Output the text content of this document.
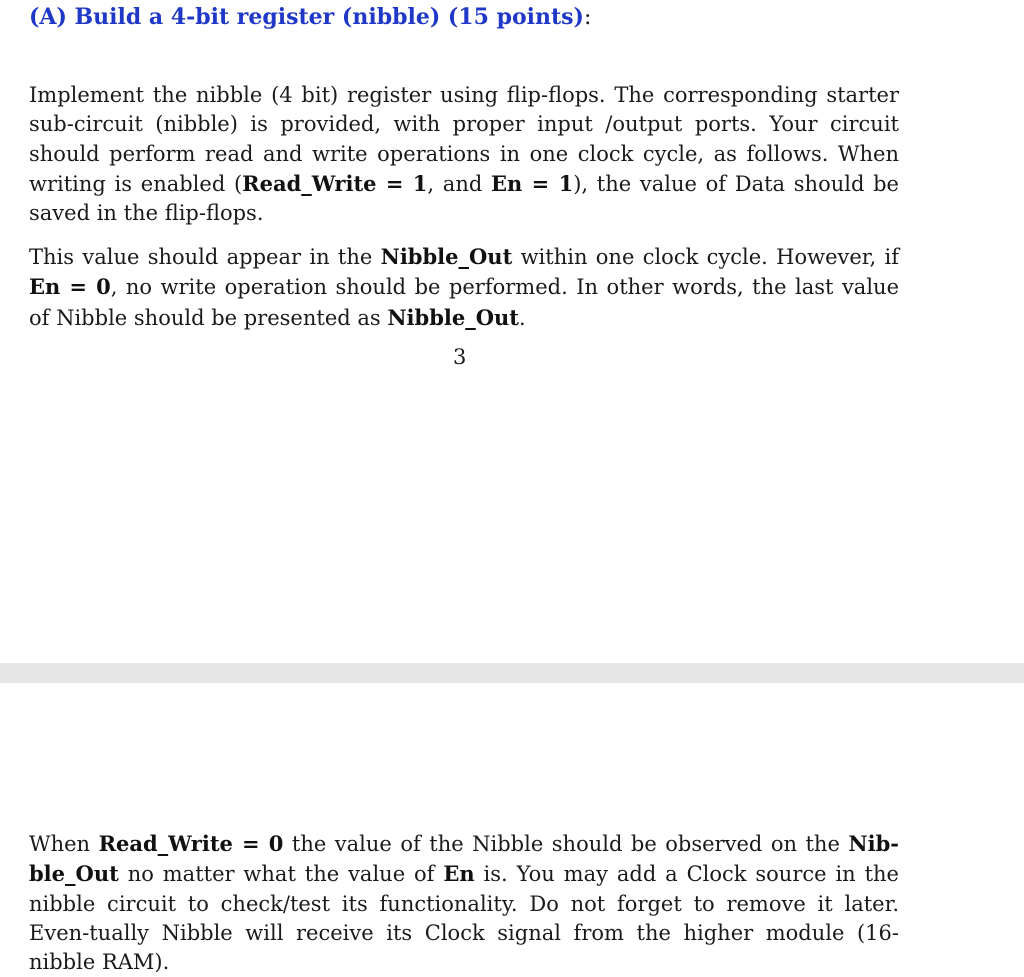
(A) Build a 4-bit register (nibble) (15 points):

Implement the nibble (4 bit) register using flip-flops. The corresponding starter sub-circuit (nibble) is provided, with proper input /output ports. Your circuit should perform read and write operations in one clock cycle, as follows. When writing is enabled (Read_Write = 1, and En = 1), the value of Data should be saved in the flip-flops.

This value should appear in the Nibble_Out within one clock cycle. However, if En = 0, no write operation should be performed. In other words, the last value of Nibble should be presented as Nibble_Out.

3

When Read_Write = 0 the value of the Nibble should be observed on the Nib-ble_Out no matter what the value of En is. You may add a Clock source in the nibble circuit to check/test its functionality. Do not forget to remove it later. Even-tually Nibble will receive its Clock signal from the higher module (16-nibble RAM).
